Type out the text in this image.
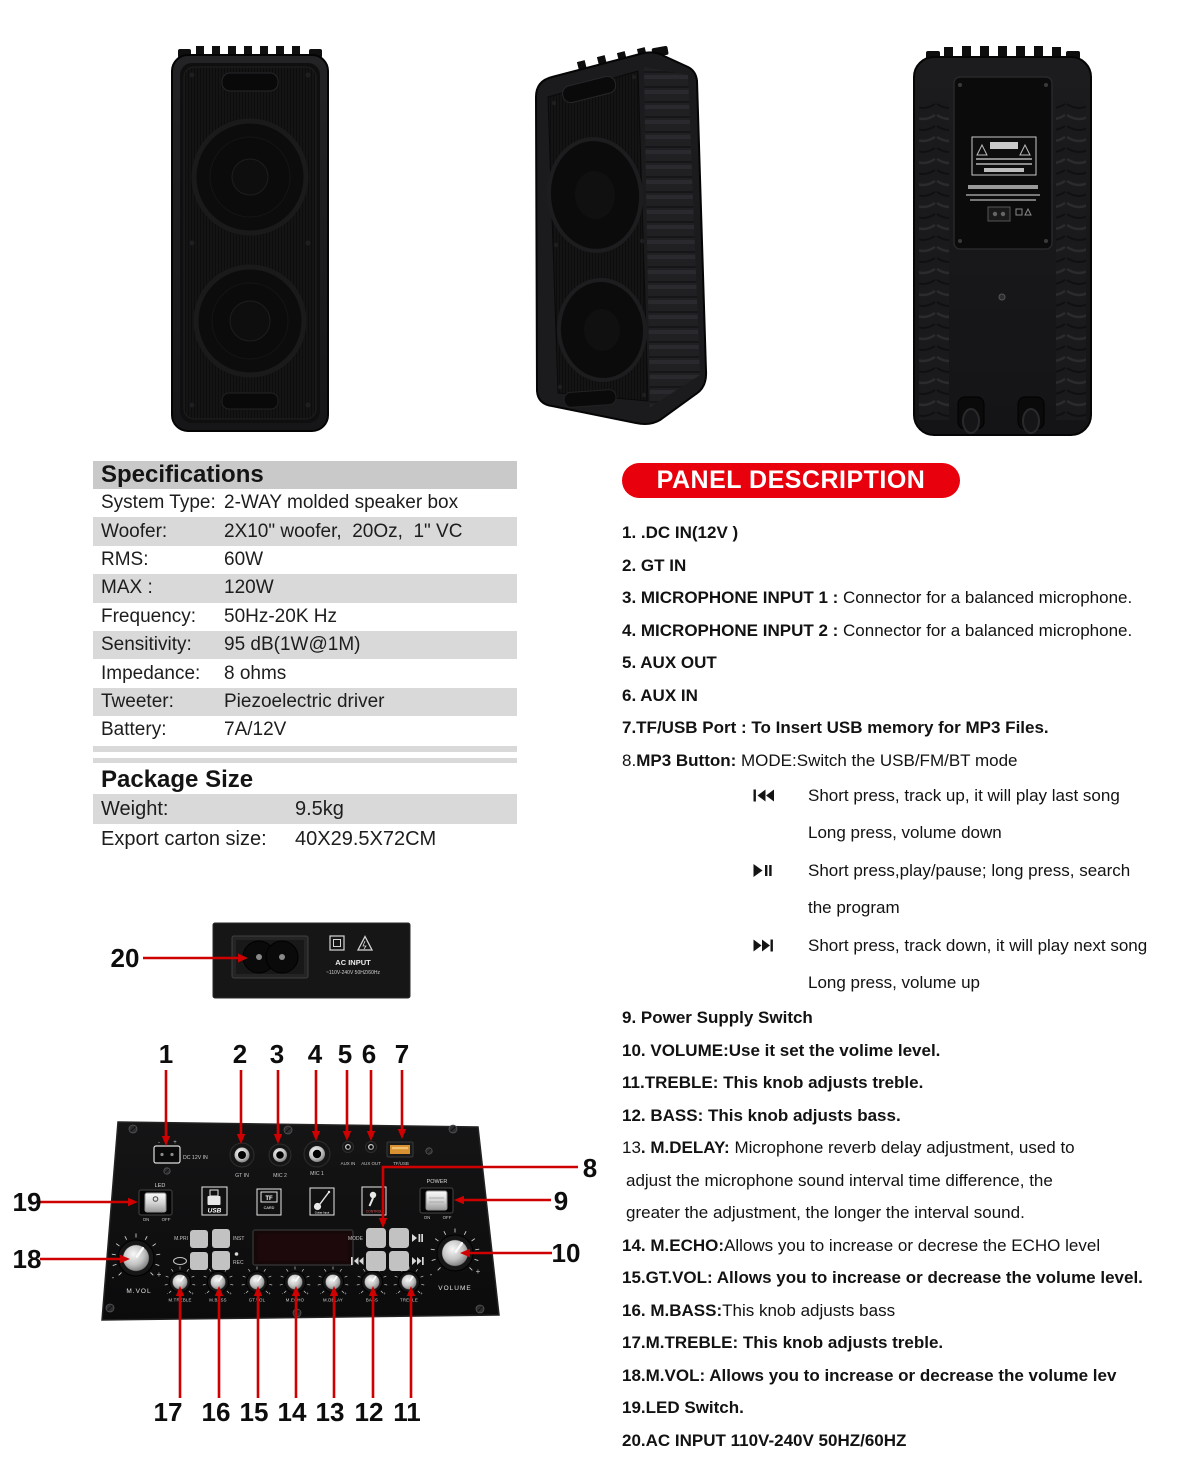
Specifications
System Type: 2-WAY molded speaker box
Woofer:	2X10" woofer,  20Oz,  1" VC
RMS:	60W
MAX :	120W
Frequency:	50Hz-20K Hz
Sensitivity:	95 dB(1W@1M)
Impedance:	8 ohms
Tweeter:	Piezoelectric driver
Battery:	7A/12V
Package Size
Weight:	9.5kg
Export carton size:	40X29.5X72CM
AC INPUT
~110V-240V 50HZ/60Hz
20
- +
DC 12V IN
GT IN	MIC 2	MIC 1
AUX IN AUX OUT	TF/USB
LED
ON	OFF
USB
TF
CARD
Guitar Input	CONTROL
POWER
ON	OFF
-	+
M.VOL
M.PRI	INST
REC
MODE
-	+
VOLUME
-	+
M.TREBLE
-	+
M.BASS
-	+
GT.VOL
-	+
M.ECHO
-	+
M.DELAY
-	+
BASS
-	+
TREBLE
1 2 3 4 5 6 7
8
9
10
19
18
17 16 15 14 13 12 11
PANEL DESCRIPTION
1. .DC IN(12V )
2. GT IN
3. MICROPHONE INPUT 1 : Connector for a balanced microphone.
4. MICROPHONE INPUT 2 : Connector for a balanced microphone.
5. AUX OUT
6. AUX IN
7.TF/USB Port : To Insert USB memory for MP3 Files.
8. MP3 Button: MODE:Switch the USB/FM/BT mode
Short press, track up, it will play last song
Long press, volume down
Short press,play/pause; long press, search
the program
Short press, track down, it will play next song
Long press, volume up
9. Power Supply Switch
10. VOLUME:Use it set the volime level.
11.TREBLE: This knob adjusts treble.
12. BASS: This knob adjusts bass.
13 . M.DELAY: Microphone reverb delay adjustment, used to
adjust the microphone sound interval time difference, the
greater the adjustment, the longer the interval sound.
14. M.ECHO: Allows you to increase or decrese the ECHO level
15.GT.VOL: Allows you to increase or decrease the volume level.
16. M.BASS: This knob adjusts bass
17.M.TREBLE: This knob adjusts treble.
18.M.VOL: Allows you to increase or decrease the volume lev
19.LED Switch.
20.AC INPUT 110V-240V 50HZ/60HZ
